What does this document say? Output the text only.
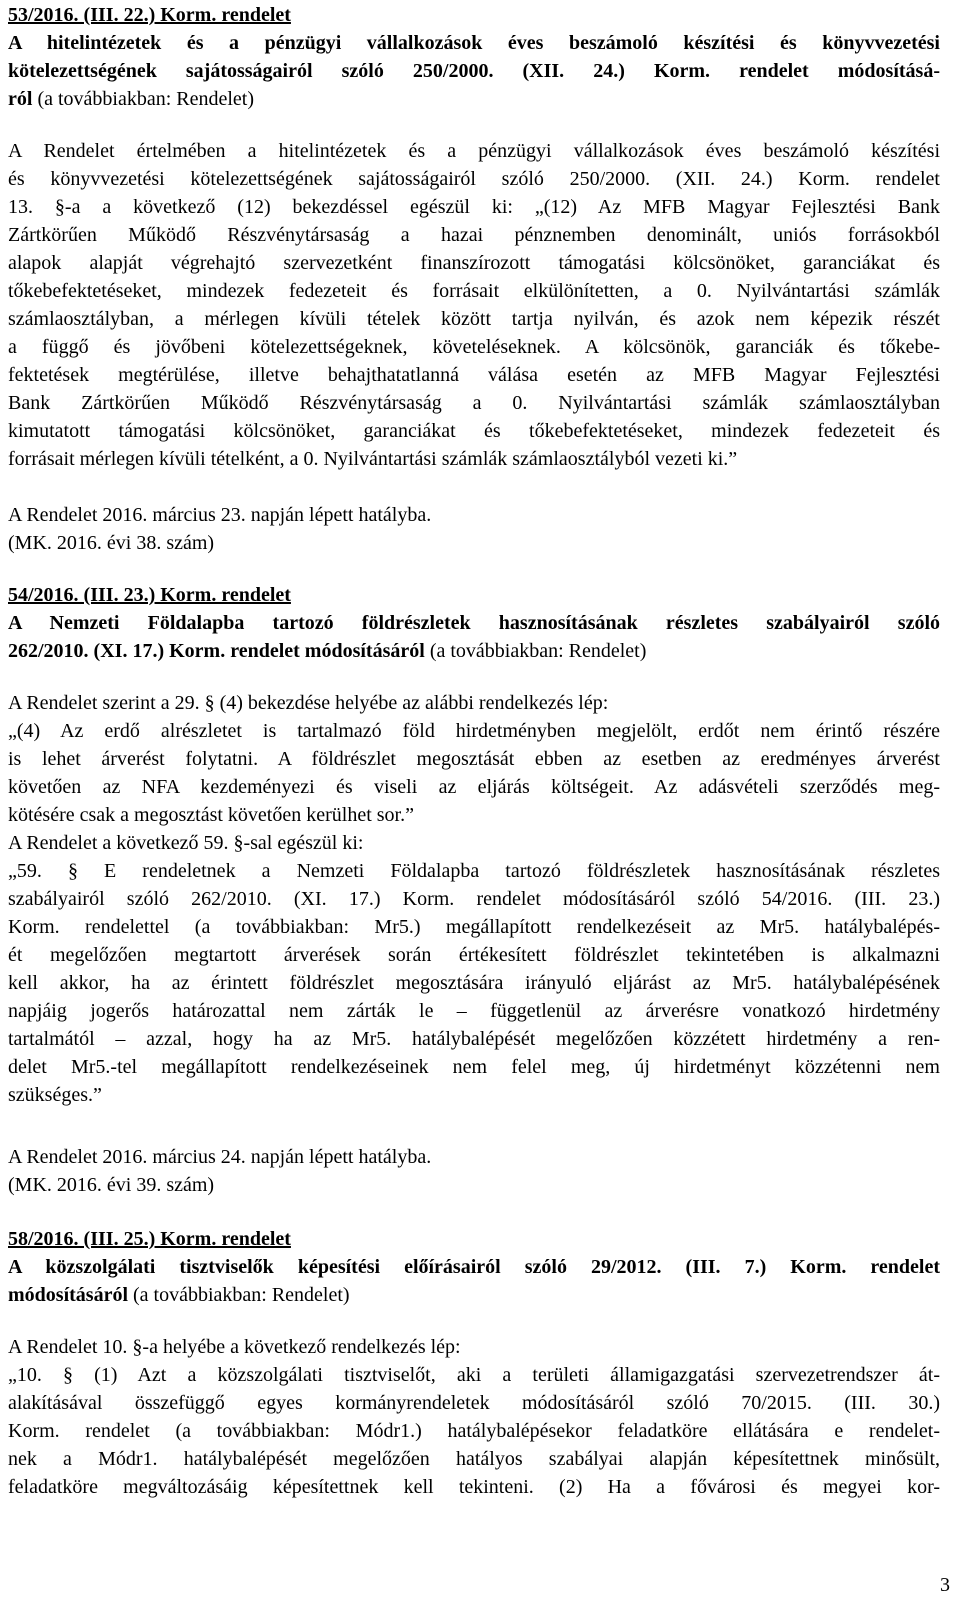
53/2016. (III. 22.) Korm. rendelet
A hitelintézetek és a pénzügyi vállalkozások éves beszámoló készítési és könyvvezetési
kötelezettségének sajátosságairól szóló 250/2000. (XII. 24.) Korm. rendelet módosításá-
ról (a továbbiakban: Rendelet)
A Rendelet értelmében a hitelintézetek és a pénzügyi vállalkozások éves beszámoló készítési
és könyvvezetési kötelezettségének sajátosságairól szóló 250/2000. (XII. 24.) Korm. rendelet
13. §-a a következő (12) bekezdéssel egészül ki: „(12) Az MFB Magyar Fejlesztési Bank
Zártkörűen Működő Részvénytársaság a hazai pénznemben denominált, uniós forrásokból
alapok alapját végrehajtó szervezetként finanszírozott támogatási kölcsönöket, garanciákat és
tőkebefektetéseket, mindezek fedezeteit és forrásait elkülönítetten, a 0. Nyilvántartási számlák
számlaosztályban, a mérlegen kívüli tételek között tartja nyilván, és azok nem képezik részét
a függő és jövőbeni kötelezettségeknek, követeléseknek. A kölcsönök, garanciák és tőkebe-
fektetések megtérülése, illetve behajthatatlanná válása esetén az MFB Magyar Fejlesztési
Bank Zártkörűen Működő Részvénytársaság a 0. Nyilvántartási számlák számlaosztályban
kimutatott támogatási kölcsönöket, garanciákat és tőkebefektetéseket, mindezek fedezeteit és
forrásait mérlegen kívüli tételként, a 0. Nyilvántartási számlák számlaosztályból vezeti ki.”
A Rendelet 2016. március 23. napján lépett hatályba.
(MK. 2016. évi 38. szám)
54/2016. (III. 23.) Korm. rendelet
A Nemzeti Földalapba tartozó földrészletek hasznosításának részletes szabályairól szóló
262/2010. (XI. 17.) Korm. rendelet módosításáról (a továbbiakban: Rendelet)
A Rendelet szerint a 29. § (4) bekezdése helyébe az alábbi rendelkezés lép:
„(4) Az erdő alrészletet is tartalmazó föld hirdetményben megjelölt, erdőt nem érintő részére
is lehet árverést folytatni. A földrészlet megosztását ebben az esetben az eredményes árverést
követően az NFA kezdeményezi és viseli az eljárás költségeit. Az adásvételi szerződés meg-
kötésére csak a megosztást követően kerülhet sor.”
A Rendelet a következő 59. §-sal egészül ki:
„59. § E rendeletnek a Nemzeti Földalapba tartozó földrészletek hasznosításának részletes
szabályairól szóló 262/2010. (XI. 17.) Korm. rendelet módosításáról szóló 54/2016. (III. 23.)
Korm. rendelettel (a továbbiakban: Mr5.) megállapított rendelkezéseit az Mr5. hatálybalépés-
ét megelőzően megtartott árverések során értékesített földrészlet tekintetében is alkalmazni
kell akkor, ha az érintett földrészlet megosztására irányuló eljárást az Mr5. hatálybalépésének
napjáig jogerős határozattal nem zárták le – függetlenül az árverésre vonatkozó hirdetmény
tartalmától – azzal, hogy ha az Mr5. hatálybalépését megelőzően közzétett hirdetmény a ren-
delet Mr5.-tel megállapított rendelkezéseinek nem felel meg, új hirdetményt közzétenni nem
szükséges.”
A Rendelet 2016. március 24. napján lépett hatályba.
(MK. 2016. évi 39. szám)
58/2016. (III. 25.) Korm. rendelet
A közszolgálati tisztviselők képesítési előírásairól szóló 29/2012. (III. 7.) Korm. rendelet
módosításáról (a továbbiakban: Rendelet)
A Rendelet 10. §-a helyébe a következő rendelkezés lép:
„10. § (1) Azt a közszolgálati tisztviselőt, aki a területi államigazgatási szervezetrendszer át-
alakításával összefüggő egyes kormányrendeletek módosításáról szóló 70/2015. (III. 30.)
Korm. rendelet (a továbbiakban: Módr1.) hatálybalépésekor feladatköre ellátására e rendelet-
nek a Módr1. hatálybalépését megelőzően hatályos szabályai alapján képesítettnek minősült,
feladatköre megváltozásáig képesítettnek kell tekinteni. (2) Ha a fővárosi és megyei kor-
3
